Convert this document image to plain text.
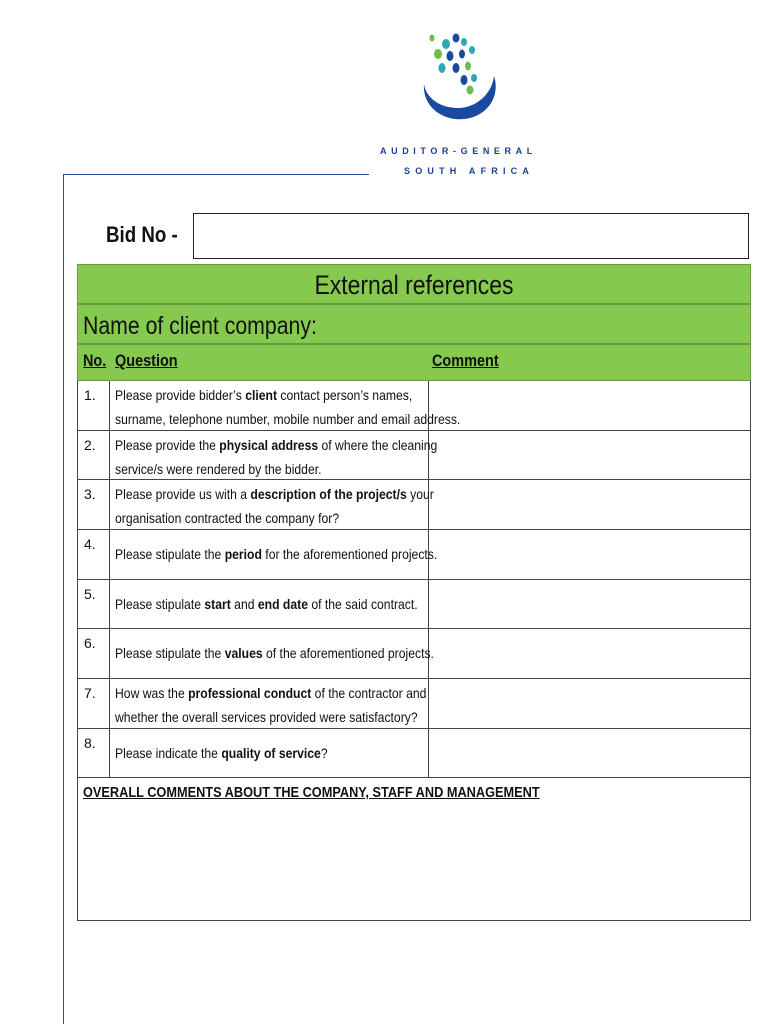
AUDITOR-GENERAL
SOUTH AFRICA
Bid No -
External references
Name of client company:
No. Question	Comment
1. Please provide bidder’s client contact person’s names, surname, telephone number, mobile number and email address.
2. Please provide the physical address of where the cleaning service/s were rendered by the bidder.
3. Please provide us with a description of the project/s your organisation contracted the company for?
4.
Please stipulate the period for the aforementioned projects.
5.
Please stipulate start and end date of the said contract.
6.
Please stipulate the values of the aforementioned projects.
7. How was the professional conduct of the contractor and whether the overall services provided were satisfactory?
8.
Please indicate the quality of service?
OVERALL COMMENTS ABOUT THE COMPANY, STAFF AND MANAGEMENT
